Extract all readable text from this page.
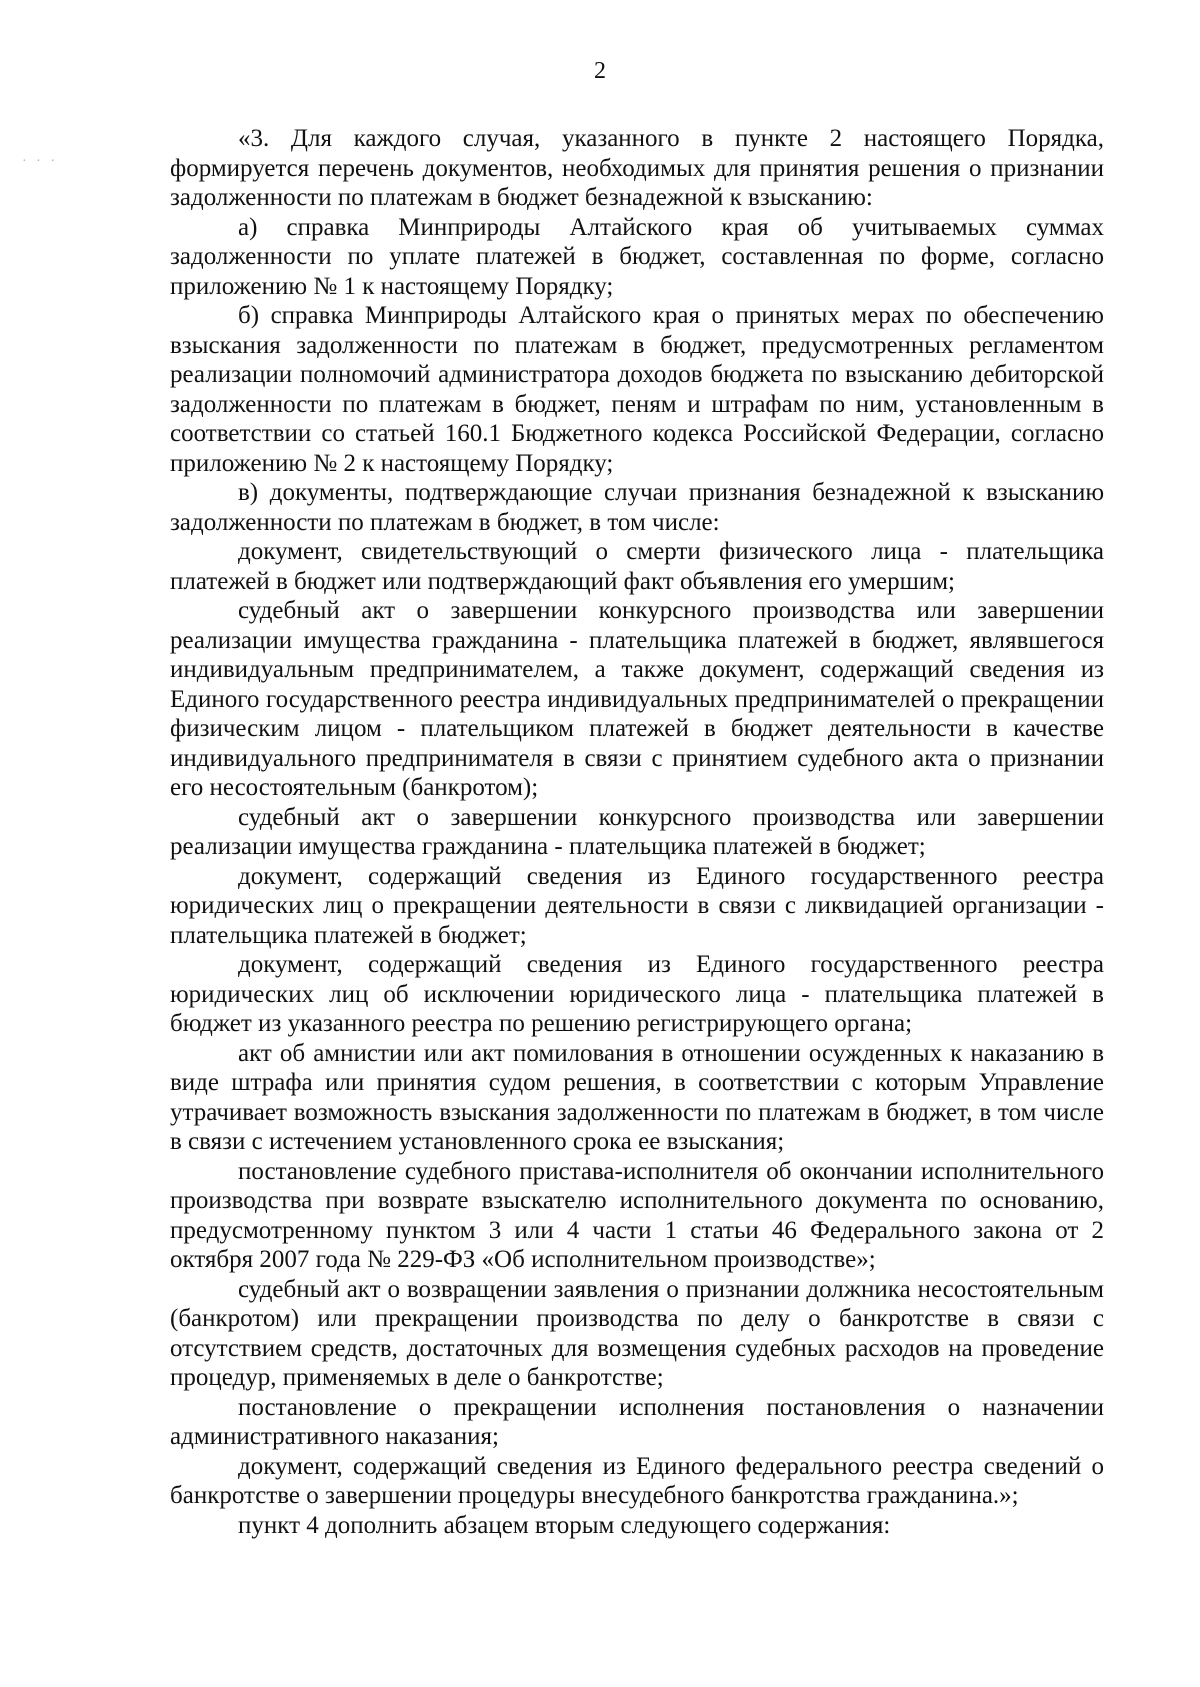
· · ·
2

«3. Для каждого случая, указанного в пункте 2 настоящего Порядка, формируется перечень документов, необходимых для принятия решения о признании задолженности по платежам в бюджет безнадежной к взысканию:

а) справка Минприроды Алтайского края об учитываемых суммах задолженности по уплате платежей в бюджет, составленная по форме, согласно приложению № 1 к настоящему Порядку;

б) справка Минприроды Алтайского края о принятых мерах по обеспечению взыскания задолженности по платежам в бюджет, предусмотренных регламентом реализации полномочий администратора доходов бюджета по взысканию дебиторской задолженности по платежам в бюджет, пеням и штрафам по ним, установленным в соответствии со статьей 160.1 Бюджетного кодекса Российской Федерации, согласно приложению № 2 к настоящему Порядку;

в) документы, подтверждающие случаи признания безнадежной к взысканию задолженности по платежам в бюджет, в том числе:

документ, свидетельствующий о смерти физического лица - плательщика платежей в бюджет или подтверждающий факт объявления его умершим;

судебный акт о завершении конкурсного производства или завершении реализации имущества гражданина - плательщика платежей в бюджет, являвшегося индивидуальным предпринимателем, а также документ, содержащий сведения из Единого государственного реестра индивидуальных предпринимателей о прекращении физическим лицом - плательщиком платежей в бюджет деятельности в качестве индивидуального предпринимателя в связи с принятием судебного акта о признании его несостоятельным (банкротом);

судебный акт о завершении конкурсного производства или завершении реализации имущества гражданина - плательщика платежей в бюджет;

документ, содержащий сведения из Единого государственного реестра юридических лиц о прекращении деятельности в связи с ликвидацией организации - плательщика платежей в бюджет;

документ, содержащий сведения из Единого государственного реестра юридических лиц об исключении юридического лица - плательщика платежей в бюджет из указанного реестра по решению регистрирующего органа;

акт об амнистии или акт помилования в отношении осужденных к наказанию в виде штрафа или принятия судом решения, в соответствии с которым Управление утрачивает возможность взыскания задолженности по платежам в бюджет, в том числе в связи с истечением установленного срока ее взыскания;

постановление судебного пристава-исполнителя об окончании исполнительного производства при возврате взыскателю исполнительного документа по основанию, предусмотренному пунктом 3 или 4 части 1 статьи 46 Федерального закона от 2 октября 2007 года № 229-ФЗ «Об исполнительном производстве»;

судебный акт о возвращении заявления о признании должника несостоятельным (банкротом) или прекращении производства по делу о банкротстве в связи с отсутствием средств, достаточных для возмещения судебных расходов на проведение процедур, применяемых в деле о банкротстве;

постановление о прекращении исполнения постановления о назначении административного наказания;

документ, содержащий сведения из Единого федерального реестра сведений о банкротстве о завершении процедуры внесудебного банкротства гражданина.»;

пункт 4 дополнить абзацем вторым следующего содержания:
